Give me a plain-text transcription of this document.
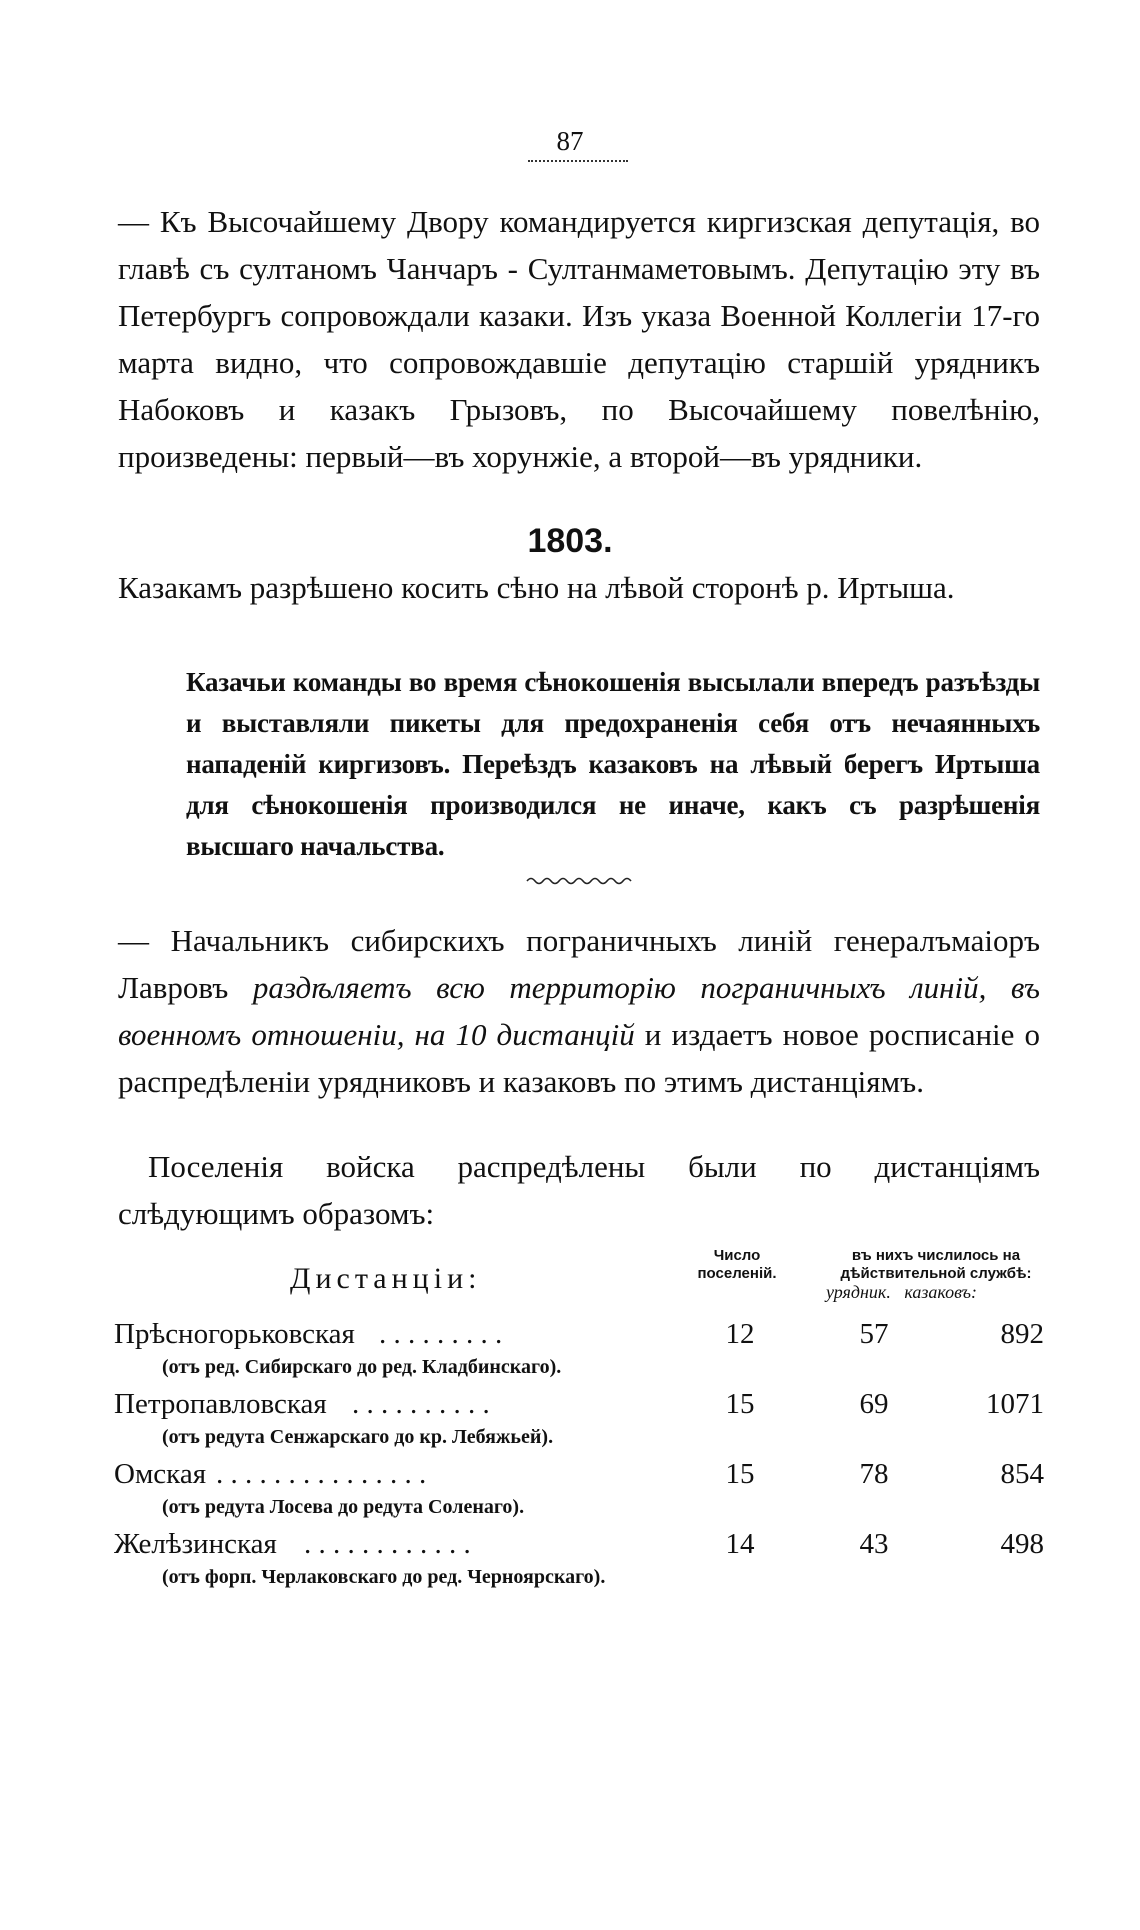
87
— Къ Высочайшему Двору командируется киргизская депутація, во главѣ съ султаномъ Чанчаръ - Султанмаметовымъ. Депутацію эту въ Петербургъ сопровождали казаки. Изъ указа Военной Коллегіи 17-го марта видно, что сопровождавшіе депутацію старшій урядникъ Набоковъ и казакъ Грызовъ, по Высочайшему повелѣнію, произведены: первый—въ хорунжіе, а второй—въ урядники.
1803.
Казакамъ разрѣшено косить сѣно на лѣвой сторонѣ р. Иртыша.
Казачьи команды во время сѣнокошенія высылали впередъ разъѣзды и выставляли пикеты для предохраненія себя отъ нечаянныхъ нападеній киргизовъ. Переѣздъ казаковъ на лѣвый берегъ Иртыша для сѣнокошенія производился не иначе, какъ съ разрѣшенія высшаго начальства.
— Начальникъ сибирскихъ пограничныхъ линій генералъмаіоръ Лавровъ раздѣляетъ всю территорію пограничныхъ линій, въ военномъ отношеніи, на 10 дистанцій и издаетъ новое росписаніе о распредѣленіи урядниковъ и казаковъ по этимъ дистанціямъ.
Поселенія войска распредѣлены были по дистанціямъ слѣдующимъ образомъ:
Дистанціи:
Число поселеній.
въ нихъ числилось на дѣйствительной службѣ:
урядник. казаковъ:
Прѣсногорьковская . . . . . . . . .	12	57	892
(отъ ред. Сибирскаго до ред. Кладбинскаго).
Петропавловская . . . . . . . . . .	15	69	1071
(отъ редута Сенжарскаго до кр. Лебяжьей).
Омская . . . . . . . . . . . . . . .	15	78	854
(отъ редута Лосева до редута Соленаго).
Желѣзинская . . . . . . . . . . . .	14	43	498
(отъ форп. Черлаковскаго до ред. Черноярскаго).
